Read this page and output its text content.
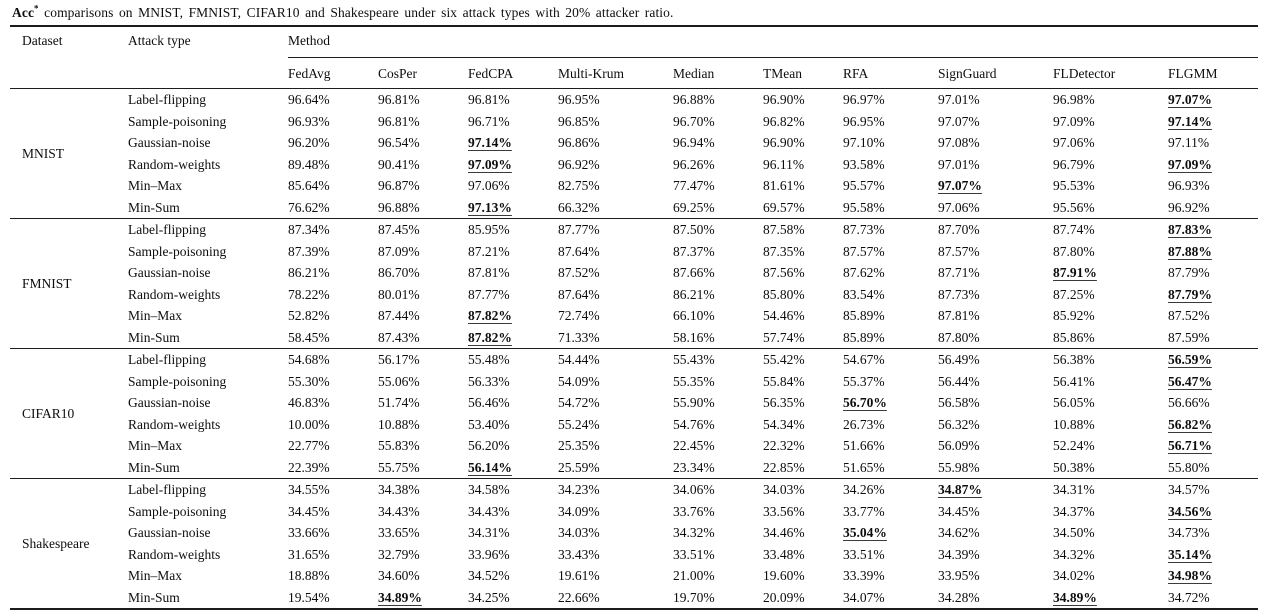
Acc* comparisons on MNIST, FMNIST, CIFAR10 and Shakespeare under six attack types with 20% attacker ratio.

Dataset	Attack type	Method									
		FedAvg	CosPer	FedCPA	Multi-Krum	Median	TMean	RFA	SignGuard	FLDetector	FLGMM
MNIST	Label-flipping	96.64%	96.81%	96.81%	96.95%	96.88%	96.90%	96.97%	97.01%	96.98%	97.07%
	Sample-poisoning	96.93%	96.81%	96.71%	96.85%	96.70%	96.82%	96.95%	97.07%	97.09%	97.14%
	Gaussian-noise	96.20%	96.54%	97.14%	96.86%	96.94%	96.90%	97.10%	97.08%	97.06%	97.11%
	Random-weights	89.48%	90.41%	97.09%	96.92%	96.26%	96.11%	93.58%	97.01%	96.79%	97.09%
	Min–Max	85.64%	96.87%	97.06%	82.75%	77.47%	81.61%	95.57%	97.07%	95.53%	96.93%
	Min-Sum	76.62%	96.88%	97.13%	66.32%	69.25%	69.57%	95.58%	97.06%	95.56%	96.92%
FMNIST	Label-flipping	87.34%	87.45%	85.95%	87.77%	87.50%	87.58%	87.73%	87.70%	87.74%	87.83%
	Sample-poisoning	87.39%	87.09%	87.21%	87.64%	87.37%	87.35%	87.57%	87.57%	87.80%	87.88%
	Gaussian-noise	86.21%	86.70%	87.81%	87.52%	87.66%	87.56%	87.62%	87.71%	87.91%	87.79%
	Random-weights	78.22%	80.01%	87.77%	87.64%	86.21%	85.80%	83.54%	87.73%	87.25%	87.79%
	Min–Max	52.82%	87.44%	87.82%	72.74%	66.10%	54.46%	85.89%	87.81%	85.92%	87.52%
	Min-Sum	58.45%	87.43%	87.82%	71.33%	58.16%	57.74%	85.89%	87.80%	85.86%	87.59%
CIFAR10	Label-flipping	54.68%	56.17%	55.48%	54.44%	55.43%	55.42%	54.67%	56.49%	56.38%	56.59%
	Sample-poisoning	55.30%	55.06%	56.33%	54.09%	55.35%	55.84%	55.37%	56.44%	56.41%	56.47%
	Gaussian-noise	46.83%	51.74%	56.46%	54.72%	55.90%	56.35%	56.70%	56.58%	56.05%	56.66%
	Random-weights	10.00%	10.88%	53.40%	55.24%	54.76%	54.34%	26.73%	56.32%	10.88%	56.82%
	Min–Max	22.77%	55.83%	56.20%	25.35%	22.45%	22.32%	51.66%	56.09%	52.24%	56.71%
	Min-Sum	22.39%	55.75%	56.14%	25.59%	23.34%	22.85%	51.65%	55.98%	50.38%	55.80%
Shakespeare	Label-flipping	34.55%	34.38%	34.58%	34.23%	34.06%	34.03%	34.26%	34.87%	34.31%	34.57%
	Sample-poisoning	34.45%	34.43%	34.43%	34.09%	33.76%	33.56%	33.77%	34.45%	34.37%	34.56%
	Gaussian-noise	33.66%	33.65%	34.31%	34.03%	34.32%	34.46%	35.04%	34.62%	34.50%	34.73%
	Random-weights	31.65%	32.79%	33.96%	33.43%	33.51%	33.48%	33.51%	34.39%	34.32%	35.14%
	Min–Max	18.88%	34.60%	34.52%	19.61%	21.00%	19.60%	33.39%	33.95%	34.02%	34.98%
	Min-Sum	19.54%	34.89%	34.25%	22.66%	19.70%	20.09%	34.07%	34.28%	34.89%	34.72%
